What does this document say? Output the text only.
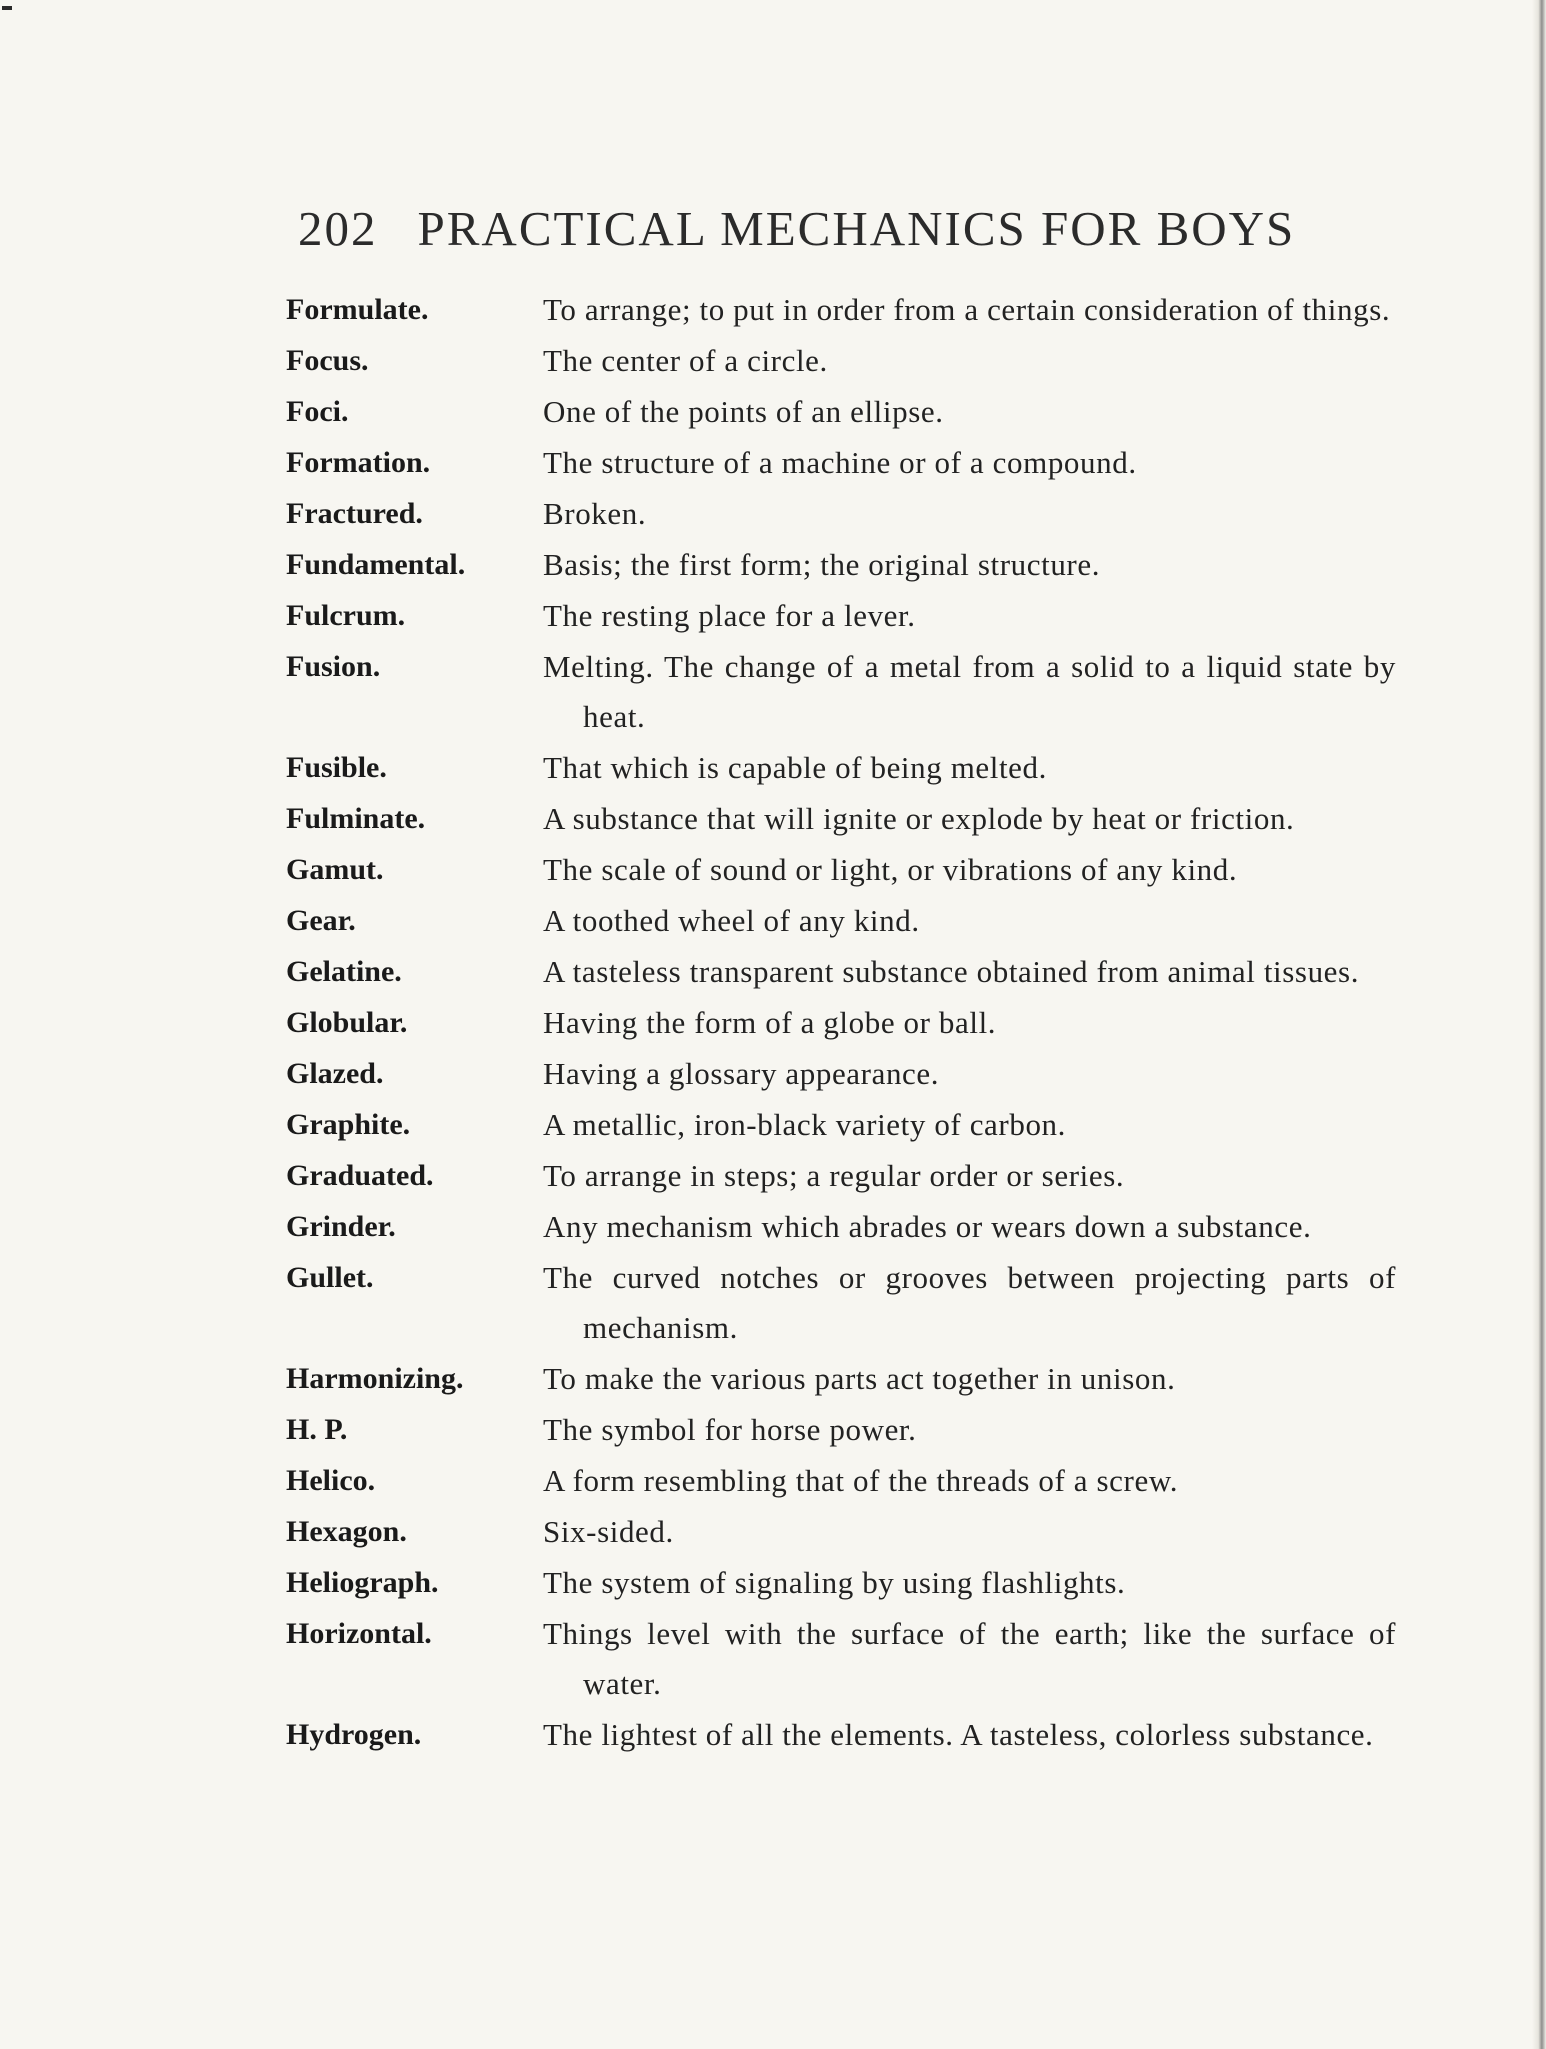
202 PRACTICAL MECHANICS FOR BOYS
Formulate.	To arrange; to put in order from a certain consideration of things.
Focus.	The center of a circle.
Foci.	One of the points of an ellipse.
Formation.	The structure of a machine or of a compound.
Fractured.	Broken.
Fundamental.	Basis; the first form; the original structure.
Fulcrum.	The resting place for a lever.
Fusion.	Melting. The change of a metal from a solid to a liquid state by heat.
Fusible.	That which is capable of being melted.
Fulminate.	A substance that will ignite or explode by heat or friction.
Gamut.	The scale of sound or light, or vibrations of any kind.
Gear.	A toothed wheel of any kind.
Gelatine.	A tasteless transparent substance obtained from animal tissues.
Globular.	Having the form of a globe or ball.
Glazed.	Having a glossary appearance.
Graphite.	A metallic, iron-black variety of carbon.
Graduated.	To arrange in steps; a regular order or series.
Grinder.	Any mechanism which abrades or wears down a substance.
Gullet.	The curved notches or grooves between projecting parts of mechanism.
Harmonizing.	To make the various parts act together in unison.
H. P.	The symbol for horse power.
Helico.	A form resembling that of the threads of a screw.
Hexagon.	Six-sided.
Heliograph.	The system of signaling by using flashlights.
Horizontal.	Things level with the surface of the earth; like the surface of water.
Hydrogen.	The lightest of all the elements. A tasteless, colorless substance.
